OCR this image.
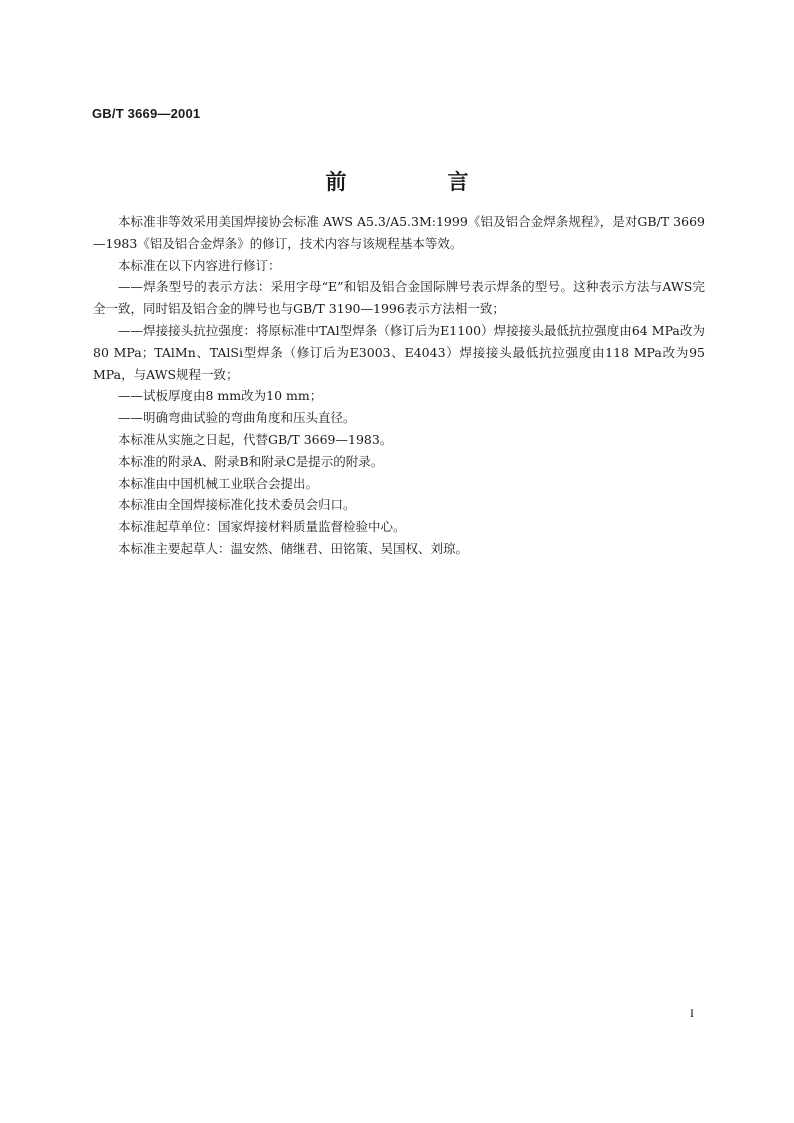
GB/T 3669—2001
前　言

本标准非等效采用美国焊接协会标准 AWS A5.3/A5.3M:1999《铝及铝合金焊条规程》，是对GB/T 3669—1983《铝及铝合金焊条》的修订，技术内容与该规程基本等效。

本标准在以下内容进行修订：

——焊条型号的表示方法：采用字母“E”和铝及铝合金国际牌号表示焊条的型号。这种表示方法与AWS完全一致，同时铝及铝合金的牌号也与GB/T 3190—1996表示方法相一致；

——焊接接头抗拉强度：将原标准中TAl型焊条（修订后为E1100）焊接接头最低抗拉强度由64 MPa改为80 MPa；TAlMn、TAlSi型焊条（修订后为E3003、E4043）焊接接头最低抗拉强度由118 MPa改为95 MPa，与AWS规程一致；

——试板厚度由8 mm改为10 mm；

——明确弯曲试验的弯曲角度和压头直径。

本标准从实施之日起，代替GB/T 3669—1983。

本标准的附录A、附录B和附录C是提示的附录。

本标准由中国机械工业联合会提出。

本标准由全国焊接标准化技术委员会归口。

本标准起草单位：国家焊接材料质量监督检验中心。

本标准主要起草人：温安然、储继君、田铭策、吴国权、刘琼。

I
